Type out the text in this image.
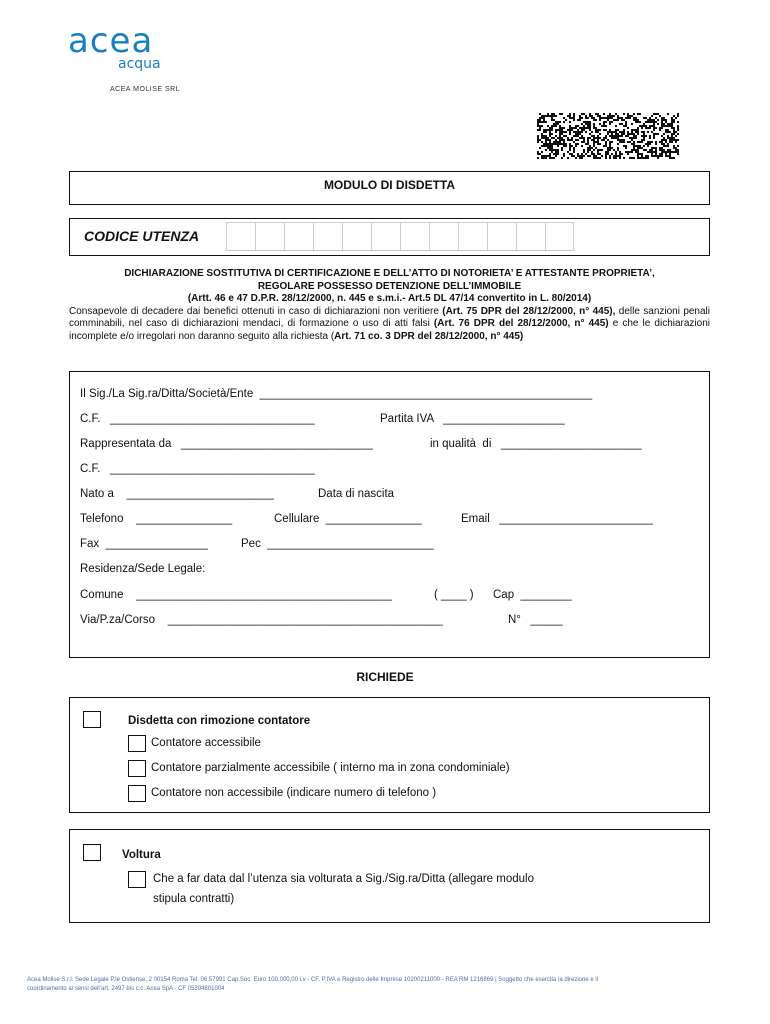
acea
acqua
ACEA MOLISE SRL
MODULO DI DISDETTA
CODICE UTENZA
DICHIARAZIONE SOSTITUTIVA DI CERTIFICAZIONE E DELL’ATTO DI NOTORIETA’ E ATTESTANTE PROPRIETA’,
REGOLARE POSSESSO DETENZIONE DELL’IMMOBILE
(Artt. 46 e 47 D.P.R. 28/12/2000, n. 445 e s.m.i.- Art.5 DL 47/14 convertito in L. 80/2014)
Consapevole di decadere dai benefici ottenuti in caso di dichiarazioni non veritiere (Art. 75 DPR del 28/12/2000, n° 445), delle sanzioni penali comminabili, nel caso di dichiarazioni mendaci, di formazione o uso di atti falsi (Art. 76 DPR del 28/12/2000, n° 445) e che le dichiarazioni incomplete e/o irregolari non daranno seguito alla richiesta (Art. 71 co. 3 DPR del 28/12/2000, n° 445)
Il Sig./La Sig.ra/Ditta/Società/Ente  ____________________________________________________
C.F.   ________________________________	Partita IVA   ___________________
Rappresentata da   ______________________________	in qualità  di   ______________________
C.F.   ________________________________
Nato a    _______________________	Data di nascita
Telefono    _______________	Cellulare  _______________	Email   ________________________
Fax  ________________	Pec  __________________________
Residenza/Sede Legale:
Comune    ________________________________________	( ____ ) Cap  ________
Via/P.za/Corso    ___________________________________________	N°   _____
RICHIEDE
Disdetta con rimozione contatore
Contatore accessibile
Contatore parzialmente accessibile ( interno ma in zona condominiale)
Contatore non accessibile (indicare numero di telefono )
Voltura
Che a far data dal l’utenza sia volturata a Sig./Sig.ra/Ditta (allegare modulo
stipula contratti)
Acea Molise S.r.l. Sede Legale P.le Ostiense, 2 00154 Roma Tel. 06 57991 Cap.Soc. Euro 100.000,00 i.v - CF, P.IVA e Registro delle Imprese 10200211000 - REA RM 1216869 | Soggetto che esercita la direzione e il
coordinamento ai sensi dell’art. 2497 bis c.c. Acea SpA - CF 05394801004
